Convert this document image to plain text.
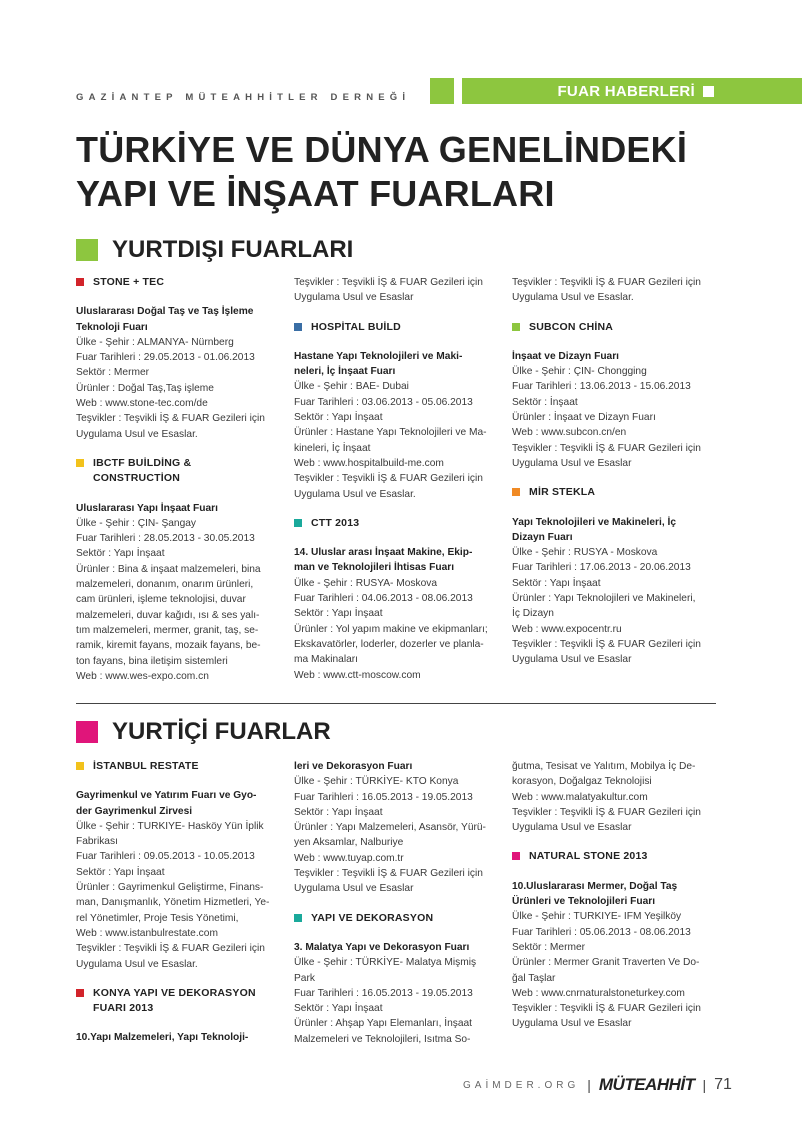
GAZİANTEP MÜTEAHHİTLER DERNEĞİ	FUAR HABERLERİ
TÜRKİYE VE DÜNYA GENELİNDEKİ
YAPI VE İNŞAAT FUARLARI
YURTDIŞI FUARLARI
STONE + TEC

Uluslararası Doğal Taş ve Taş İşleme

Teknoloji Fuarı

Ülke - Şehir : ALMANYA- Nürnberg

Fuar Tarihleri : 29.05.2013 - 01.06.2013

Sektör : Mermer

Ürünler : Doğal Taş,Taş işleme

Web : www.stone-tec.com/de

Teşvikler : Teşvikli İŞ & FUAR Gezileri için

Uygulama Usul ve Esaslar.

IBCTF BUİLDİNG &
CONSTRUCTİON

Uluslararası Yapı İnşaat Fuarı

Ülke - Şehir : ÇIN- Şangay

Fuar Tarihleri : 28.05.2013 - 30.05.2013

Sektör : Yapı İnşaat

Ürünler : Bina & inşaat malzemeleri, bina

malzemeleri, donanım, onarım ürünleri,

cam ürünleri, işleme teknolojisi, duvar

malzemeleri, duvar kağıdı, ısı & ses yalı-

tım malzemeleri, mermer, granit, taş, se-

ramik, kiremit fayans, mozaik fayans, be-

ton fayans, bina iletişim sistemleri

Web : www.wes-expo.com.cn

Teşvikler : Teşvikli İŞ & FUAR Gezileri için

Uygulama Usul ve Esaslar

HOSPİTAL BUİLD

Hastane Yapı Teknolojileri ve Maki-

neleri, İç İnşaat Fuarı

Ülke - Şehir : BAE- Dubai

Fuar Tarihleri : 03.06.2013 - 05.06.2013

Sektör : Yapı İnşaat

Ürünler : Hastane Yapı Teknolojileri ve Ma-

kineleri, İç İnşaat

Web : www.hospitalbuild-me.com

Teşvikler : Teşvikli İŞ & FUAR Gezileri için

Uygulama Usul ve Esaslar.

CTT 2013

14. Uluslar arası İnşaat Makine, Ekip-

man ve Teknolojileri İhtisas Fuarı

Ülke - Şehir : RUSYA- Moskova

Fuar Tarihleri : 04.06.2013 - 08.06.2013

Sektör : Yapı İnşaat

Ürünler : Yol yapım makine ve ekipmanları;

Ekskavatörler, loderler, dozerler ve planla-

ma Makinaları

Web : www.ctt-moscow.com

Teşvikler : Teşvikli İŞ & FUAR Gezileri için

Uygulama Usul ve Esaslar.

SUBCON CHİNA

İnşaat ve Dizayn Fuarı

Ülke - Şehir : ÇIN- Chongging

Fuar Tarihleri : 13.06.2013 - 15.06.2013

Sektör : İnşaat

Ürünler : İnşaat ve Dizayn Fuarı

Web : www.subcon.cn/en

Teşvikler : Teşvikli İŞ & FUAR Gezileri için

Uygulama Usul ve Esaslar

MİR STEKLA

Yapı Teknolojileri ve Makineleri, İç

Dizayn Fuarı

Ülke - Şehir : RUSYA - Moskova

Fuar Tarihleri : 17.06.2013 - 20.06.2013

Sektör : Yapı İnşaat

Ürünler : Yapı Teknolojileri ve Makineleri,

İç Dizayn

Web : www.expocentr.ru

Teşvikler : Teşvikli İŞ & FUAR Gezileri için

Uygulama Usul ve Esaslar

YURTİÇİ FUARLAR
İSTANBUL RESTATE

Gayrimenkul ve Yatırım Fuarı ve Gyo-

der Gayrimenkul Zirvesi

Ülke - Şehir : TURKIYE- Hasköy Yün İplik

Fabrikası

Fuar Tarihleri : 09.05.2013 - 10.05.2013

Sektör : Yapı İnşaat

Ürünler : Gayrimenkul Geliştirme, Finans-

man, Danışmanlık, Yönetim Hizmetleri, Ye-

rel Yönetimler, Proje Tesis Yönetimi,

Web : www.istanbulrestate.com

Teşvikler : Teşvikli İŞ & FUAR Gezileri için

Uygulama Usul ve Esaslar.

KONYA YAPI VE DEKORASYON
FUARI 2013

10.Yapı Malzemeleri, Yapı Teknoloji-

leri ve Dekorasyon Fuarı

Ülke - Şehir : TÜRKİYE- KTO Konya

Fuar Tarihleri : 16.05.2013 - 19.05.2013

Sektör : Yapı İnşaat

Ürünler : Yapı Malzemeleri, Asansör, Yürü-

yen Aksamlar, Nalburiye

Web : www.tuyap.com.tr

Teşvikler : Teşvikli İŞ & FUAR Gezileri için

Uygulama Usul ve Esaslar

YAPI VE DEKORASYON

3. Malatya Yapı ve Dekorasyon Fuarı

Ülke - Şehir : TÜRKİYE- Malatya Mişmiş

Park

Fuar Tarihleri : 16.05.2013 - 19.05.2013

Sektör : Yapı İnşaat

Ürünler : Ahşap Yapı Elemanları, İnşaat

Malzemeleri ve Teknolojileri, Isıtma So-

ğutma, Tesisat ve Yalıtım, Mobilya İç De-

korasyon, Doğalgaz Teknolojisi

Web : www.malatyakultur.com

Teşvikler : Teşvikli İŞ & FUAR Gezileri için

Uygulama Usul ve Esaslar

NATURAL STONE 2013

10.Uluslararası Mermer, Doğal Taş

Ürünleri ve Teknolojileri Fuarı

Ülke - Şehir : TURKIYE- IFM Yeşilköy

Fuar Tarihleri : 05.06.2013 - 08.06.2013

Sektör : Mermer

Ürünler : Mermer Granit Traverten Ve Do-

ğal Taşlar

Web : www.cnrnaturalstoneturkey.com

Teşvikler : Teşvikli İŞ & FUAR Gezileri için

Uygulama Usul ve Esaslar

GAİMDER.ORG | MÜTEAHHİT | 71
